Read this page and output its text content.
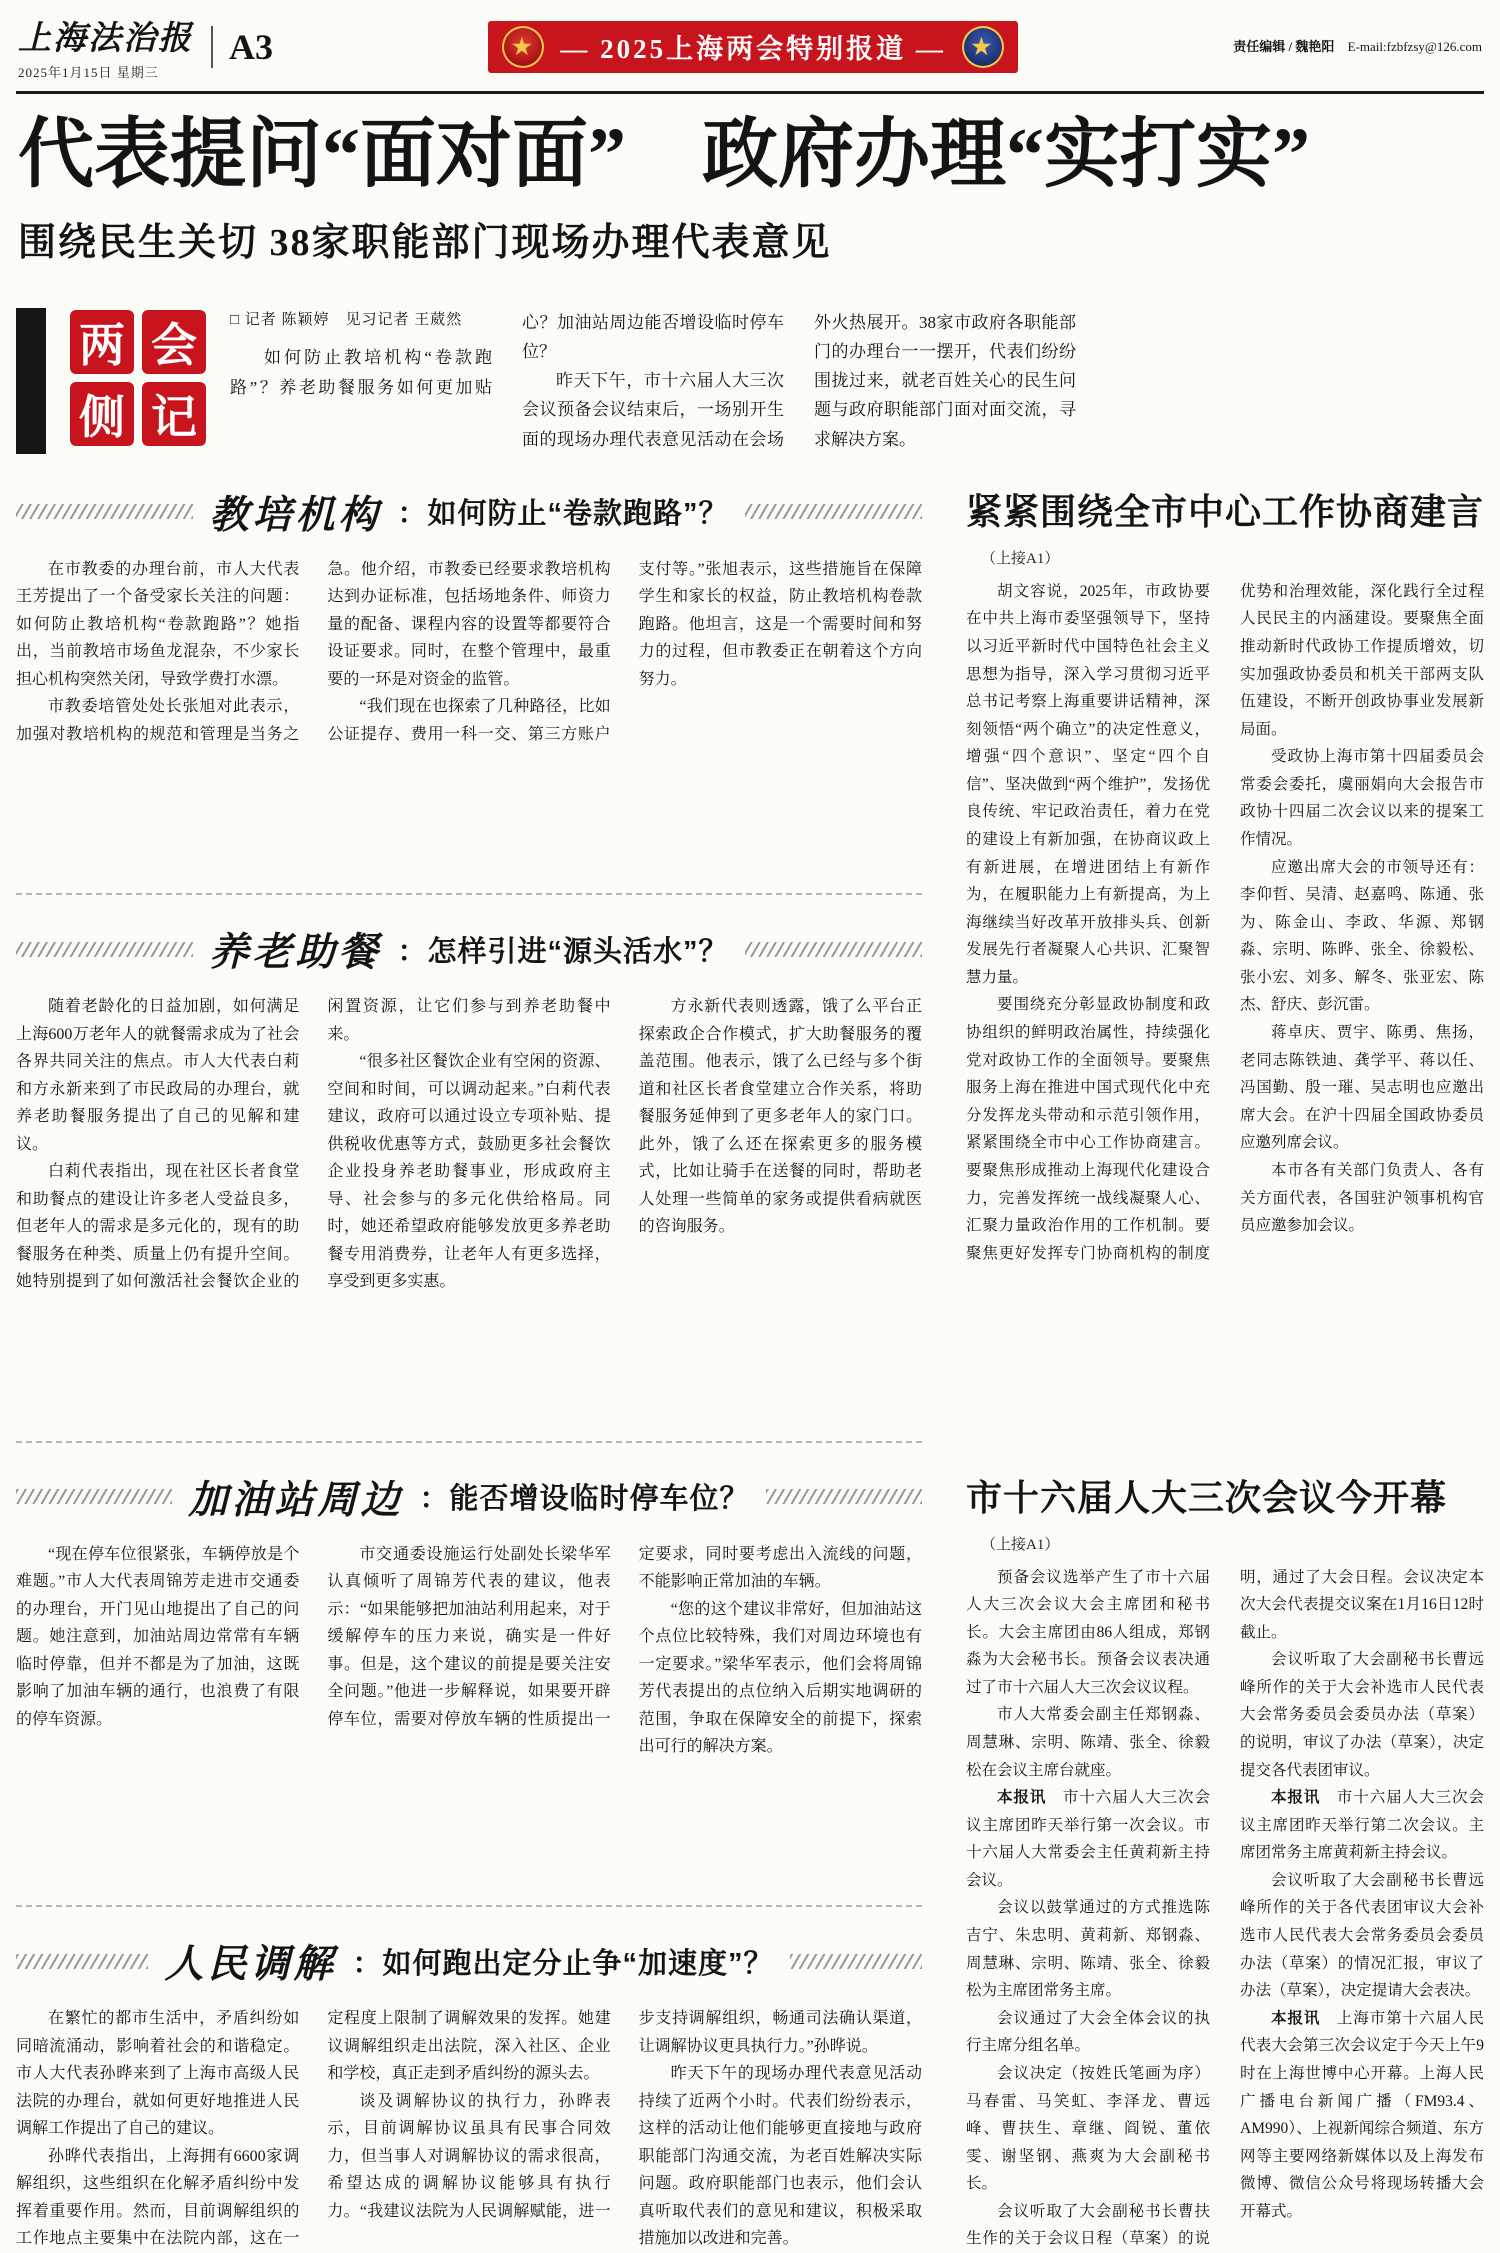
上海法治报
2025年1月15日 星期三
A3	★ — 2025上海两会特别报道 — ★	责任编辑 / 魏艳阳 E-mail:fzbfzsy@126.com
代表提问“面对面”　政府办理“实打实”
围绕民生关切 38家职能部门现场办理代表意见
两 会
侧 记
□ 记者 陈颖婷　见习记者 王葳然

如何防止教培机构“卷款跑路”？养老助餐服务如何更加贴心？加油站周边能否增设临时停车位？

昨天下午，市十六届人大三次会议预备会议结束后，一场别开生面的现场办理代表意见活动在会场外火热展开。38家市政府各职能部门的办理台一一摆开，代表们纷纷围拢过来，就老百姓关心的民生问题与政府职能部门面对面交流，寻求解决方案。

教培机构 ：如何防止“卷款跑路”？

在市教委的办理台前，市人大代表王芳提出了一个备受家长关注的问题：如何防止教培机构“卷款跑路”？她指出，当前教培市场鱼龙混杂，不少家长担心机构突然关闭，导致学费打水漂。

市教委培管处处长张旭对此表示，加强对教培机构的规范和管理是当务之急。他介绍，市教委已经要求教培机构达到办证标准，包括场地条件、师资力量的配备、课程内容的设置等都要符合设证要求。同时，在整个管理中，最重要的一环是对资金的监管。

“我们现在也探索了几种路径，比如公证提存、费用一科一交、第三方账户支付等。”张旭表示，这些措施旨在保障学生和家长的权益，防止教培机构卷款跑路。他坦言，这是一个需要时间和努力的过程，但市教委正在朝着这个方向努力。

养老助餐 ：怎样引进“源头活水”？

随着老龄化的日益加剧，如何满足上海600万老年人的就餐需求成为了社会各界共同关注的焦点。市人大代表白莉和方永新来到了市民政局的办理台，就养老助餐服务提出了自己的见解和建议。

白莉代表指出，现在社区长者食堂和助餐点的建设让许多老人受益良多，但老年人的需求是多元化的，现有的助餐服务在种类、质量上仍有提升空间。她特别提到了如何激活社会餐饮企业的闲置资源，让它们参与到养老助餐中来。

“很多社区餐饮企业有空闲的资源、空间和时间，可以调动起来。”白莉代表建议，政府可以通过设立专项补贴、提供税收优惠等方式，鼓励更多社会餐饮企业投身养老助餐事业，形成政府主导、社会参与的多元化供给格局。同时，她还希望政府能够发放更多养老助餐专用消费券，让老年人有更多选择，享受到更多实惠。

方永新代表则透露，饿了么平台正探索政企合作模式，扩大助餐服务的覆盖范围。他表示，饿了么已经与多个街道和社区长者食堂建立合作关系，将助餐服务延伸到了更多老年人的家门口。此外，饿了么还在探索更多的服务模式，比如让骑手在送餐的同时，帮助老人处理一些简单的家务或提供看病就医的咨询服务。

加油站周边 ：能否增设临时停车位？

“现在停车位很紧张，车辆停放是个难题。”市人大代表周锦芳走进市交通委的办理台，开门见山地提出了自己的问题。她注意到，加油站周边常常有车辆临时停靠，但并不都是为了加油，这既影响了加油车辆的通行，也浪费了有限的停车资源。

市交通委设施运行处副处长梁华军认真倾听了周锦芳代表的建议，他表示：“如果能够把加油站利用起来，对于缓解停车的压力来说，确实是一件好事。但是，这个建议的前提是要关注安全问题。”他进一步解释说，如果要开辟停车位，需要对停放车辆的性质提出一定要求，同时要考虑出入流线的问题，不能影响正常加油的车辆。

“您的这个建议非常好，但加油站这个点位比较特殊，我们对周边环境也有一定要求。”梁华军表示，他们会将周锦芳代表提出的点位纳入后期实地调研的范围，争取在保障安全的前提下，探索出可行的解决方案。

人民调解 ：如何跑出定分止争“加速度”？

在繁忙的都市生活中，矛盾纠纷如同暗流涌动，影响着社会的和谐稳定。市人大代表孙晔来到了上海市高级人民法院的办理台，就如何更好地推进人民调解工作提出了自己的建议。

孙晔代表指出，上海拥有6600家调解组织，这些组织在化解矛盾纠纷中发挥着重要作用。然而，目前调解组织的工作地点主要集中在法院内部，这在一定程度上限制了调解效果的发挥。她建议调解组织走出法院，深入社区、企业和学校，真正走到矛盾纠纷的源头去。

谈及调解协议的执行力，孙晔表示，目前调解协议虽具有民事合同效力，但当事人对调解协议的需求很高，希望达成的调解协议能够具有执行力。“我建议法院为人民调解赋能，进一步支持调解组织，畅通司法确认渠道，让调解协议更具执行力。”孙晔说。

昨天下午的现场办理代表意见活动持续了近两个小时。代表们纷纷表示，这样的活动让他们能够更直接地与政府职能部门沟通交流，为老百姓解决实际问题。政府职能部门也表示，他们会认真听取代表们的意见和建议，积极采取措施加以改进和完善。

紧紧围绕全市中心工作协商建言
（上接A1）

胡文容说，2025年，市政协要在中共上海市委坚强领导下，坚持以习近平新时代中国特色社会主义思想为指导，深入学习贯彻习近平总书记考察上海重要讲话精神，深刻领悟“两个确立”的决定性意义，增强“四个意识”、坚定“四个自信”、坚决做到“两个维护”，发扬优良传统、牢记政治责任，着力在党的建设上有新加强，在协商议政上有新进展，在增进团结上有新作为，在履职能力上有新提高，为上海继续当好改革开放排头兵、创新发展先行者凝聚人心共识、汇聚智慧力量。

要围绕充分彰显政协制度和政协组织的鲜明政治属性，持续强化党对政协工作的全面领导。要聚焦服务上海在推进中国式现代化中充分发挥龙头带动和示范引领作用，紧紧围绕全市中心工作协商建言。要聚焦形成推动上海现代化建设合力，完善发挥统一战线凝聚人心、汇聚力量政治作用的工作机制。要聚焦更好发挥专门协商机构的制度优势和治理效能，深化践行全过程人民民主的内涵建设。要聚焦全面推动新时代政协工作提质增效，切实加强政协委员和机关干部两支队伍建设，不断开创政协事业发展新局面。

受政协上海市第十四届委员会常委会委托，虞丽娟向大会报告市政协十四届二次会议以来的提案工作情况。

应邀出席大会的市领导还有：李仰哲、吴清、赵嘉鸣、陈通、张为、陈金山、李政、华源、郑钢淼、宗明、陈晔、张全、徐毅松、张小宏、刘多、解冬、张亚宏、陈杰、舒庆、彭沉雷。

蒋卓庆、贾宇、陈勇、焦扬，老同志陈铁迪、龚学平、蒋以任、冯国勤、殷一璀、吴志明也应邀出席大会。在沪十四届全国政协委员应邀列席会议。

本市各有关部门负责人、各有关方面代表，各国驻沪领事机构官员应邀参加会议。

市十六届人大三次会议今开幕
（上接A1）

预备会议选举产生了市十六届人大三次会议大会主席团和秘书长。大会主席团由86人组成，郑钢淼为大会秘书长。预备会议表决通过了市十六届人大三次会议议程。

市人大常委会副主任郑钢淼、周慧琳、宗明、陈靖、张全、徐毅松在会议主席台就座。

本报讯　市十六届人大三次会议主席团昨天举行第一次会议。市十六届人大常委会主任黄莉新主持会议。

会议以鼓掌通过的方式推选陈吉宁、朱忠明、黄莉新、郑钢淼、周慧琳、宗明、陈靖、张全、徐毅松为主席团常务主席。

会议通过了大会全体会议的执行主席分组名单。

会议决定（按姓氏笔画为序）马春雷、马笑虹、李泽龙、曹远峰、曹扶生、章继、阎锐、董依雯、谢坚钢、燕爽为大会副秘书长。

会议听取了大会副秘书长曹扶生作的关于会议日程（草案）的说明，通过了大会日程。会议决定本次大会代表提交议案在1月16日12时截止。

会议听取了大会副秘书长曹远峰所作的关于大会补选市人民代表大会常务委员会委员办法（草案）的说明，审议了办法（草案），决定提交各代表团审议。

本报讯　市十六届人大三次会议主席团昨天举行第二次会议。主席团常务主席黄莉新主持会议。

会议听取了大会副秘书长曹远峰所作的关于各代表团审议大会补选市人民代表大会常务委员会委员办法（草案）的情况汇报，审议了办法（草案），决定提请大会表决。

本报讯　上海市第十六届人民代表大会第三次会议定于今天上午9时在上海世博中心开幕。上海人民广播电台新闻广播（FM93.4、AM990）、上视新闻综合频道、东方网等主要网络新媒体以及上海发布微博、微信公众号将现场转播大会开幕式。
